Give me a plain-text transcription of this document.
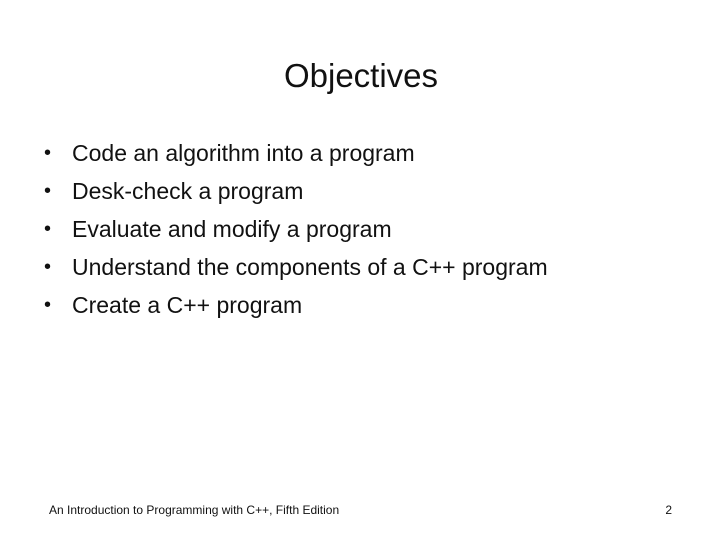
Objectives
• Code an algorithm into a program
• Desk-check a program
• Evaluate and modify a program
• Understand the components of a C++ program
• Create a C++ program
An Introduction to Programming with C++, Fifth Edition	2
